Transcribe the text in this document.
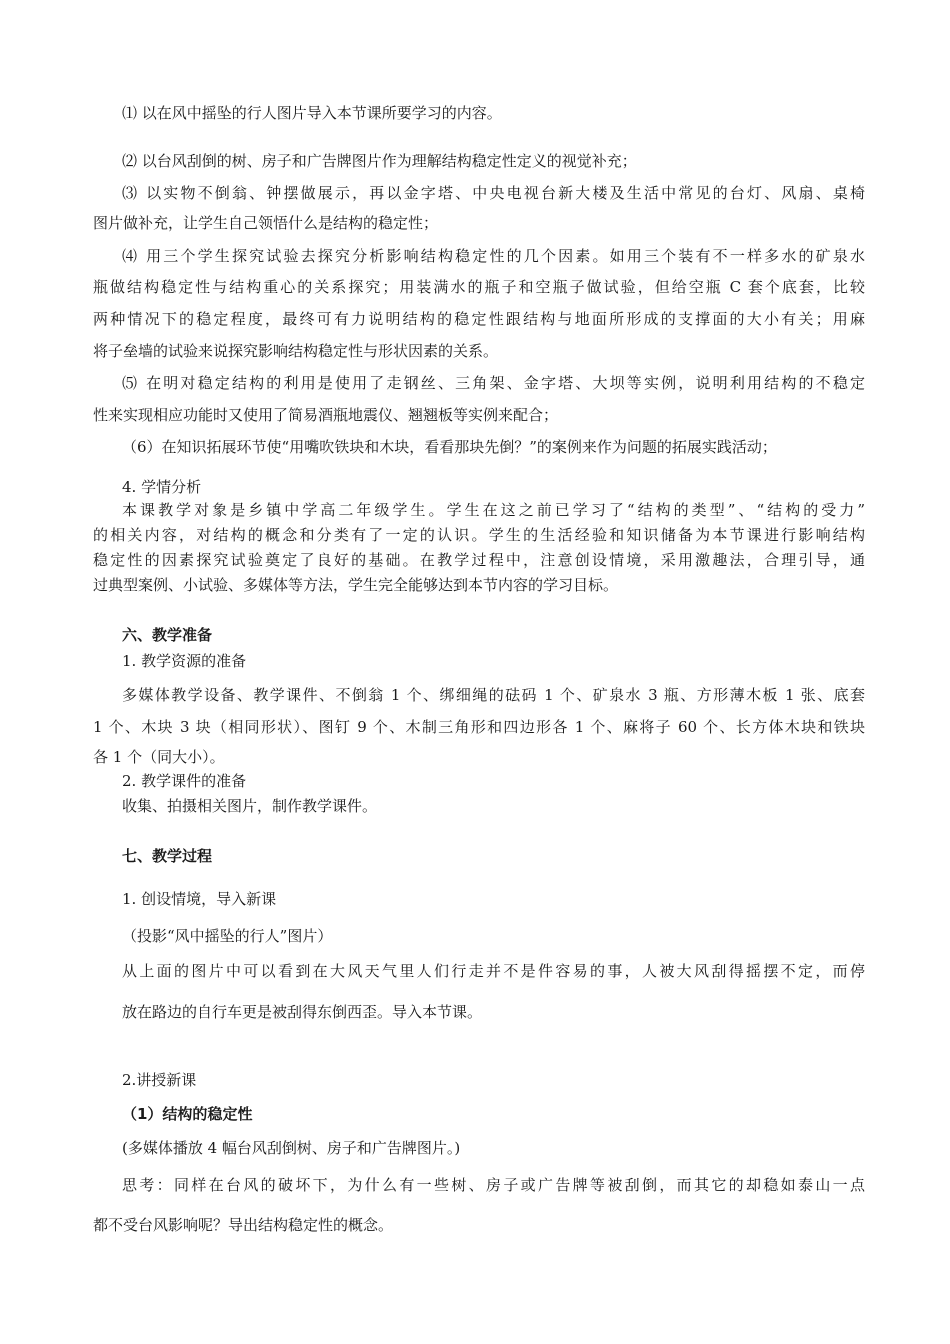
⑴ 以在风中摇坠的行人图片导入本节课所要学习的内容。
⑵ 以台风刮倒的树、房子和广告牌图片作为理解结构稳定性定义的视觉补充；
⑶ 以实物不倒翁、钟摆做展示，再以金字塔、中央电视台新大楼及生活中常见的台灯、风扇、桌椅
图片做补充，让学生自己领悟什么是结构的稳定性；
⑷ 用三个学生探究试验去探究分析影响结构稳定性的几个因素。如用三个装有不一样多水的矿泉水
瓶做结构稳定性与结构重心的关系探究；用装满水的瓶子和空瓶子做试验，但给空瓶 C 套个底套，比较
两种情况下的稳定程度，最终可有力说明结构的稳定性跟结构与地面所形成的支撑面的大小有关；用麻
将子垒墙的试验来说探究影响结构稳定性与形状因素的关系。
⑸ 在明对稳定结构的利用是使用了走钢丝、三角架、金字塔、大坝等实例，说明利用结构的不稳定
性来实现相应功能时又使用了简易酒瓶地震仪、翘翘板等实例来配合；
（6）在知识拓展环节使“用嘴吹铁块和木块，看看那块先倒？”的案例来作为问题的拓展实践活动；
4. 学情分析
本课教学对象是乡镇中学高二年级学生。学生在这之前已学习了“结构的类型”、“结构的受力”
的相关内容，对结构的概念和分类有了一定的认识。学生的生活经验和知识储备为本节课进行影响结构
稳定性的因素探究试验奠定了良好的基础。在教学过程中，注意创设情境，采用激趣法，合理引导，通
过典型案例、小试验、多媒体等方法，学生完全能够达到本节内容的学习目标。
六、教学准备
1. 教学资源的准备
多媒体教学设备、教学课件、不倒翁 1 个、绑细绳的砝码 1 个、矿泉水 3 瓶、方形薄木板 1 张、底套
1 个、木块 3 块（相同形状）、图钉 9 个、木制三角形和四边形各 1 个、麻将子 60 个、长方体木块和铁块
各 1 个（同大小）。
2. 教学课件的准备
收集、拍摄相关图片，制作教学课件。
七、教学过程
1. 创设情境，导入新课
（投影“风中摇坠的行人”图片）
从上面的图片中可以看到在大风天气里人们行走并不是件容易的事，人被大风刮得摇摆不定，而停
放在路边的自行车更是被刮得东倒西歪。导入本节课。
2.讲授新课
（1）结构的稳定性
(多媒体播放 4 幅台风刮倒树、房子和广告牌图片。)
思考：同样在台风的破坏下，为什么有一些树、房子或广告牌等被刮倒，而其它的却稳如泰山一点
都不受台风影响呢？导出结构稳定性的概念。
